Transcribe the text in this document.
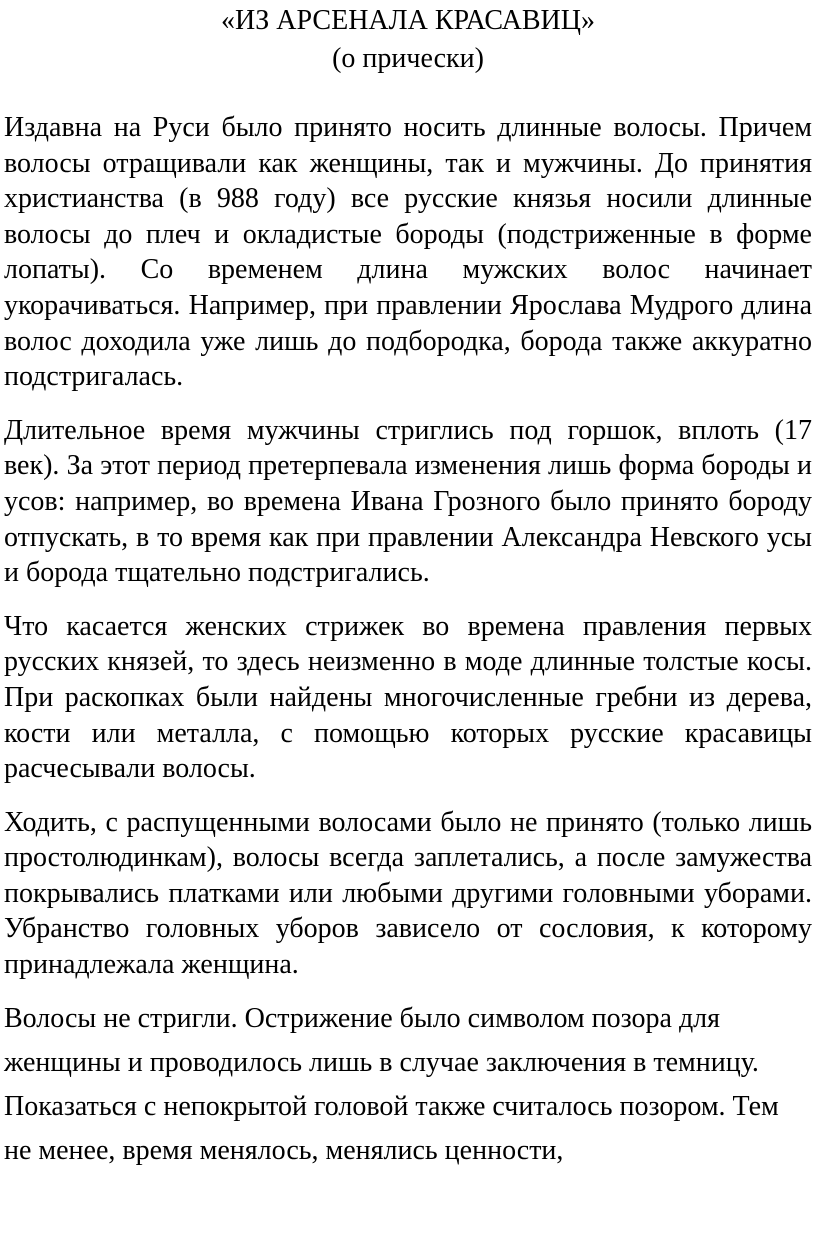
«ИЗ АРСЕНАЛА КРАСАВИЦ»
(о прически)

Издавна на Руси было принято носить длинные волосы. Причем волосы отращивали как женщины, так и мужчины. До принятия христианства (в 988 году) все русские князья носили длинные волосы до плеч и окладистые бороды (подстриженные в форме лопаты). Со временем длина мужских волос начинает укорачиваться. Например, при правлении Ярослава Мудрого длина волос доходила уже лишь до подбородка, борода также аккуратно подстригалась.

Длительное время мужчины стриглись под горшок, вплоть (17 век). За этот период претерпевала изменения лишь форма бороды и усов: например, во времена Ивана Грозного было принято бороду отпускать, в то время как при правлении Александра Невского усы и борода тщательно подстригались.

Что касается женских стрижек во времена правления первых русских князей, то здесь неизменно в моде длинные толстые косы. При раскопках были найдены многочисленные гребни из дерева, кости или металла, с помощью которых русские красавицы расчесывали волосы.

Ходить, с распущенными волосами было не принято (только лишь простолюдинкам), волосы всегда заплетались, а после замужества покрывались платками или любыми другими головными уборами. Убранство головных уборов зависело от сословия, к которому принадлежала женщина.

Волосы не стригли. Острижение было символом позора для женщины и проводилось лишь в случае заключения в темницу. Показаться с непокрытой головой также считалось позором. Тем не менее, время менялось, менялись ценности,
